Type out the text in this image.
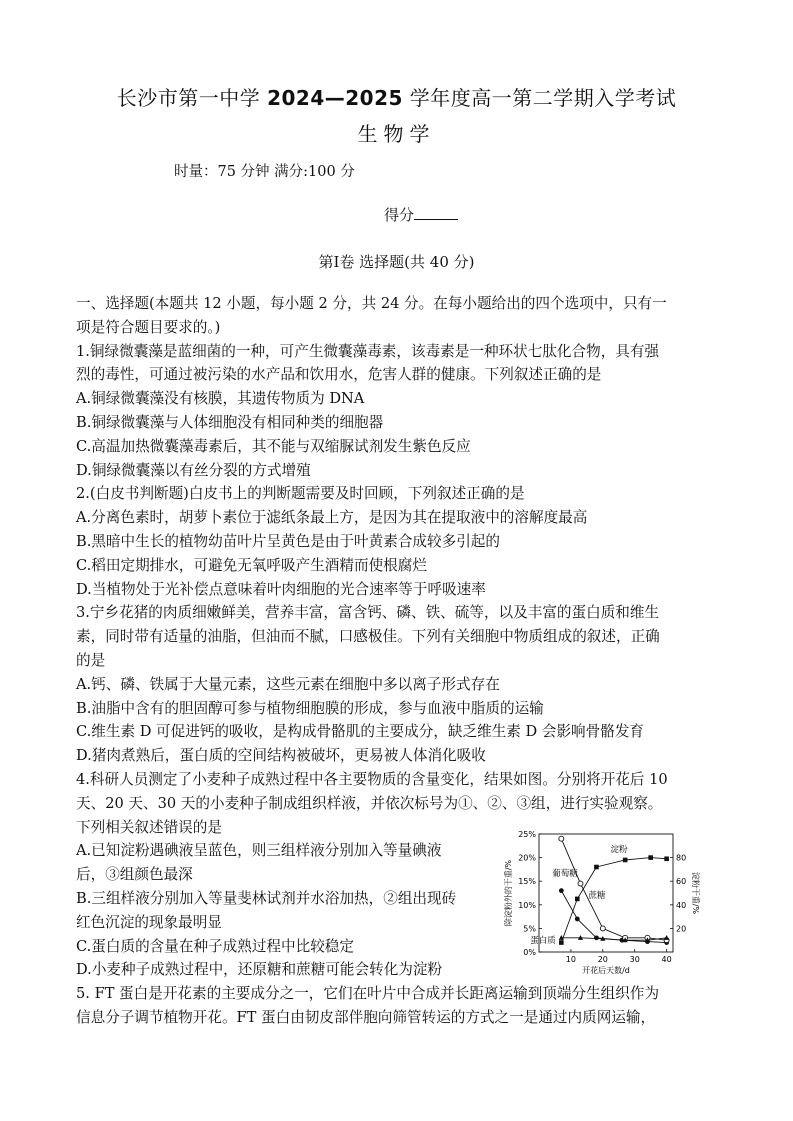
长沙市第一中学 2024—2025 学年度高一第二学期入学考试
生物学
时量：75 分钟 满分:100 分
得分
第Ⅰ卷 选择题(共 40 分)

一、选择题(本题共 12 小题，每小题 2 分，共 24 分。在每小题给出的四个选项中，只有一

项是符合题目要求的。)

1.铜绿微囊藻是蓝细菌的一种，可产生微囊藻毒素，该毒素是一种环状七肽化合物，具有强

烈的毒性，可通过被污染的水产品和饮用水，危害人群的健康。下列叙述正确的是

A.铜绿微囊藻没有核膜，其遗传物质为 DNA

B.铜绿微囊藻与人体细胞没有相同种类的细胞器

C.高温加热微囊藻毒素后，其不能与双缩脲试剂发生紫色反应

D.铜绿微囊藻以有丝分裂的方式增殖

2.(白皮书判断题)白皮书上的判断题需要及时回顾，下列叙述正确的是

A.分离色素时，胡萝卜素位于滤纸条最上方，是因为其在提取液中的溶解度最高

B.黑暗中生长的植物幼苗叶片呈黄色是由于叶黄素合成较多引起的

C.稻田定期排水，可避免无氧呼吸产生酒精而使根腐烂

D.当植物处于光补偿点意味着叶肉细胞的光合速率等于呼吸速率

3.宁乡花猪的肉质细嫩鲜美，营养丰富，富含钙、磷、铁、硫等，以及丰富的蛋白质和维生

素，同时带有适量的油脂，但油而不腻，口感极佳。下列有关细胞中物质组成的叙述，正确

的是

A.钙、磷、铁属于大量元素，这些元素在细胞中多以离子形式存在

B.油脂中含有的胆固醇可参与植物细胞膜的形成，参与血液中脂质的运输

C.维生素 D 可促进钙的吸收，是构成骨骼肌的主要成分，缺乏维生素 D 会影响骨骼发育

D.猪肉煮熟后，蛋白质的空间结构被破坏，更易被人体消化吸收

4.科研人员测定了小麦种子成熟过程中各主要物质的含量变化，结果如图。分别将开花后 10

天、20 天、30 天的小麦种子制成组织样液，并依次标号为①、②、③组，进行实验观察。

下列相关叙述错误的是

A.已知淀粉遇碘液呈蓝色，则三组样液分别加入等量碘液

后，③组颜色最深

B.三组样液分别加入等量斐林试剂并水浴加热，②组出现砖

红色沉淀的现象最明显

C.蛋白质的含量在种子成熟过程中比较稳定

D.小麦种子成熟过程中，还原糖和蔗糖可能会转化为淀粉

5. FT 蛋白是开花素的主要成分之一，它们在叶片中合成并长距离运输到顶端分生组织作为

信息分子调节植物开花。FT 蛋白由韧皮部伴胞向筛管转运的方式之一是通过内质网运输，

10	20	30	40
0%
5%
10%
15%
20%
25%
20
40
60
80
开花后天数/d
除淀粉外的干重/%	淀粉干重/%
淀粉
葡萄糖
蔗糖
蛋白质
